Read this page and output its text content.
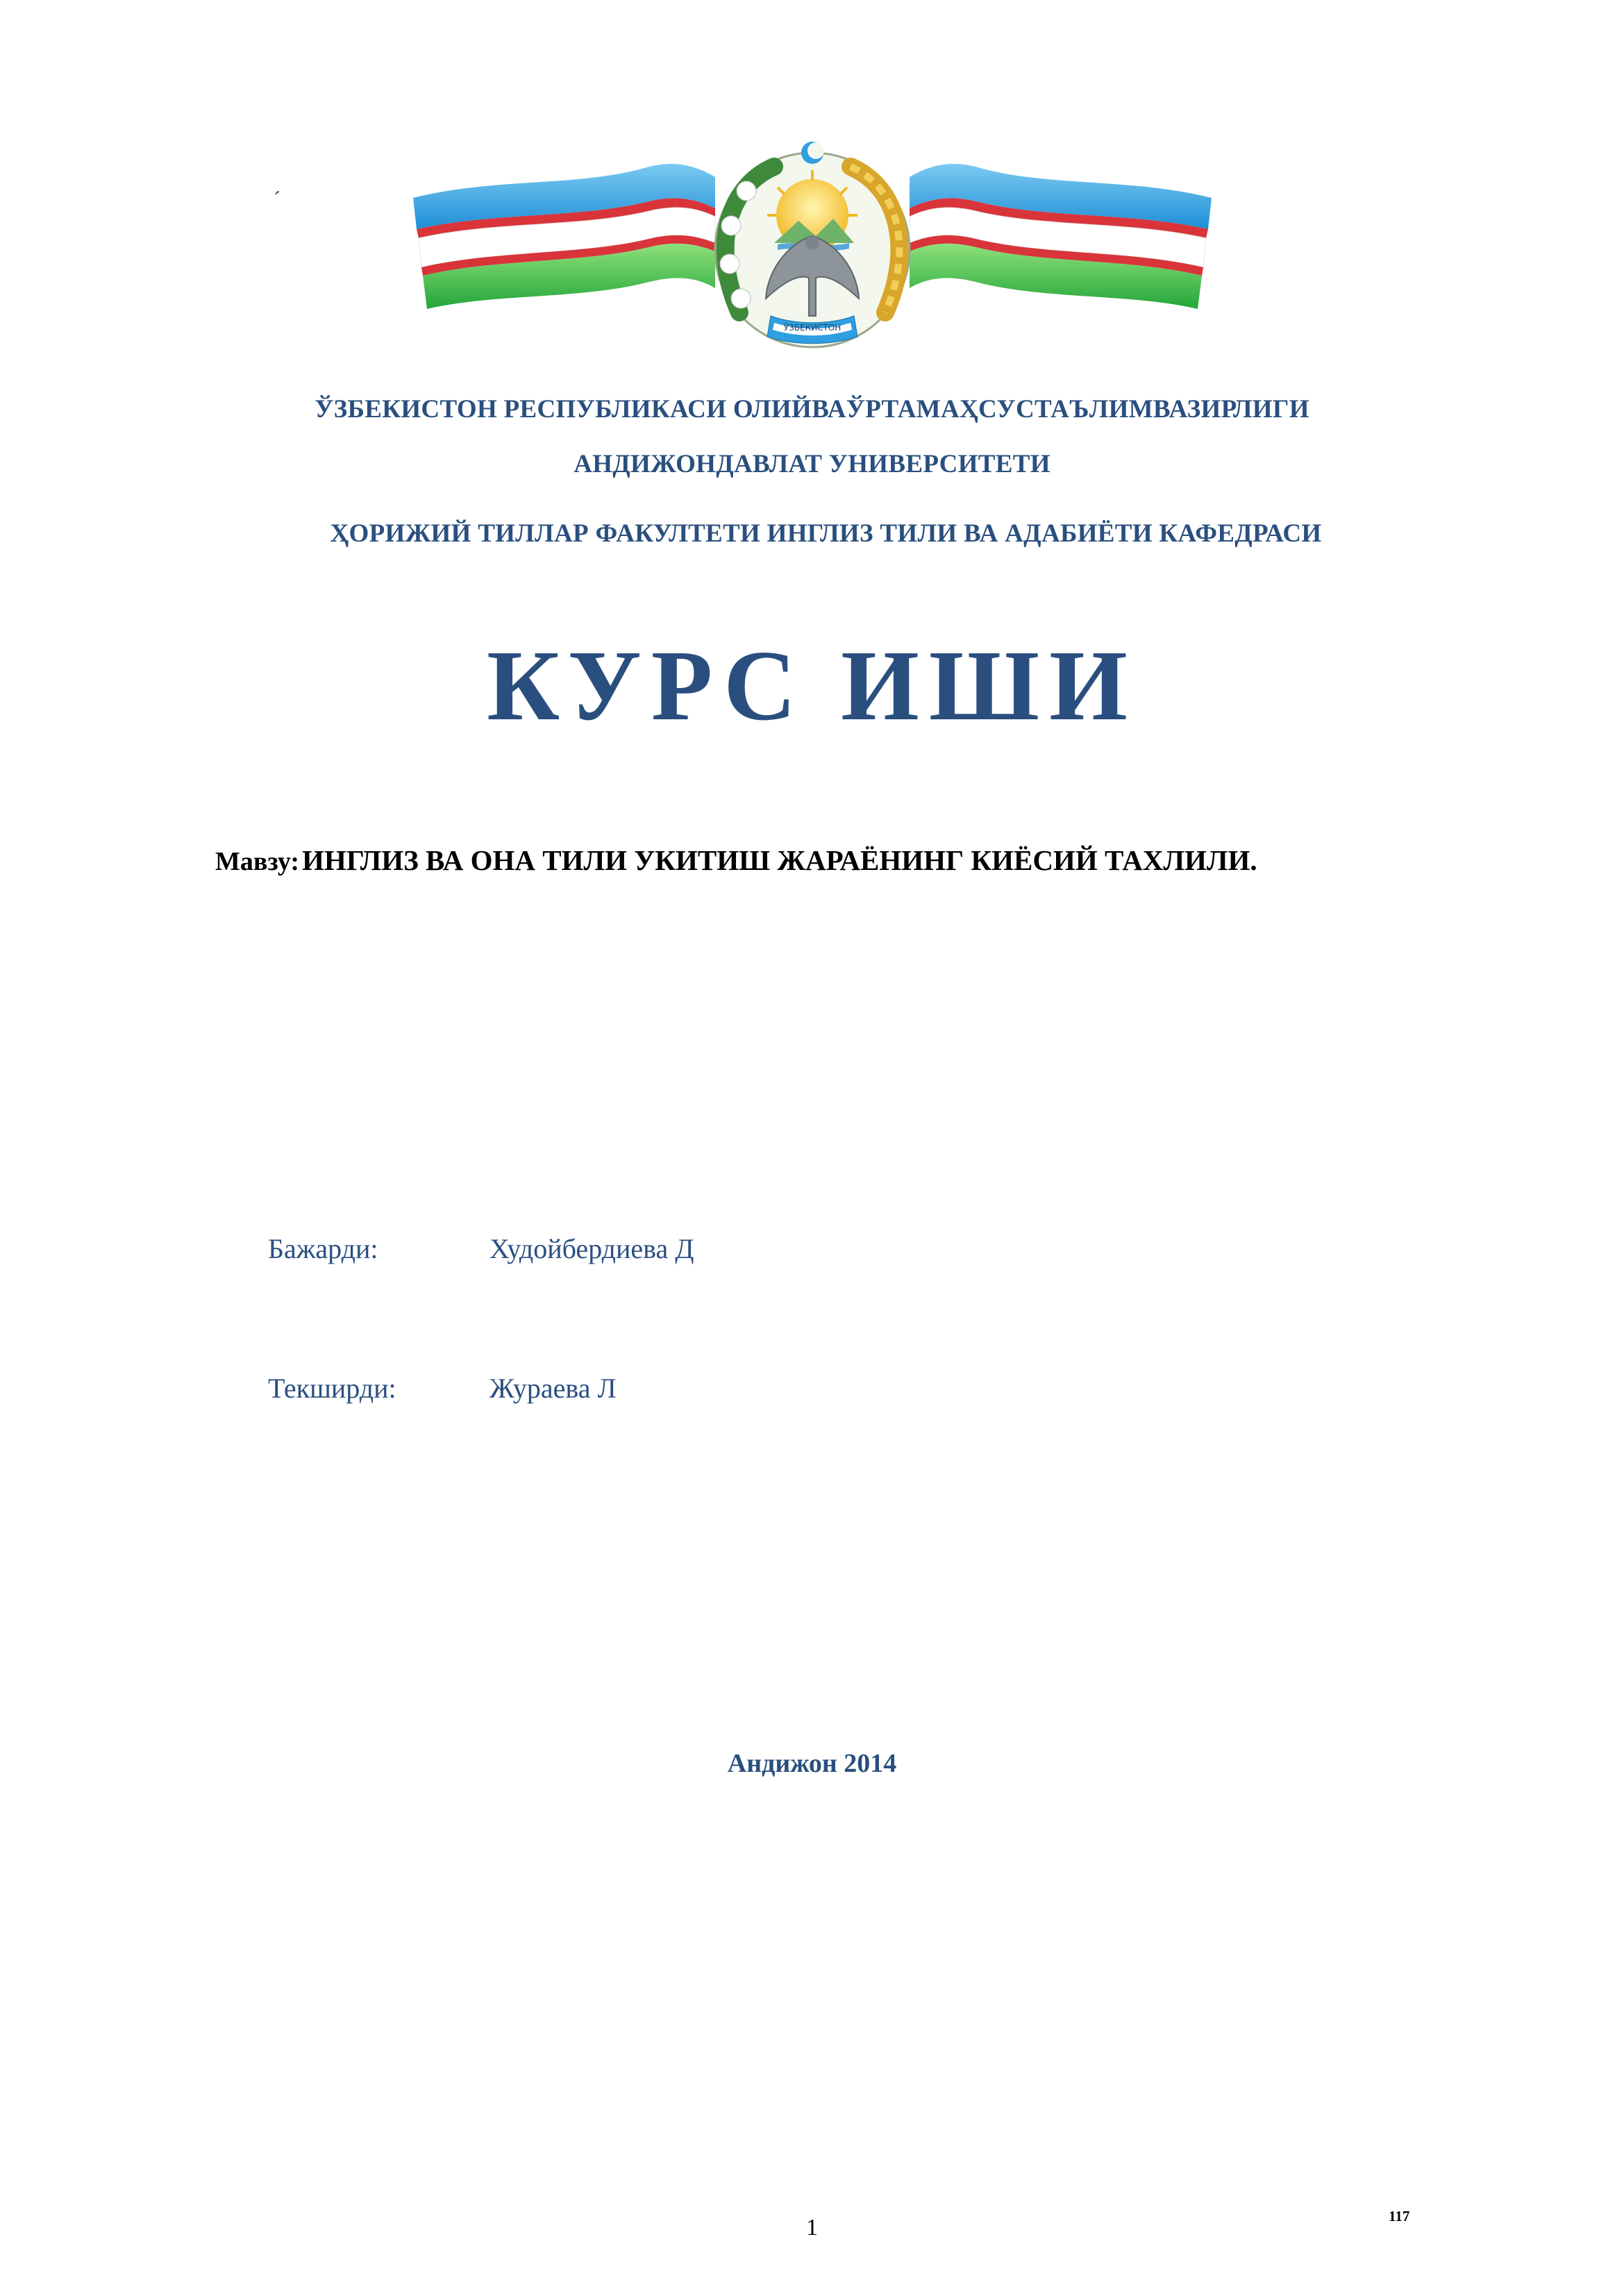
ЎЗБЕКИСТОН
ˊ
ЎЗБЕКИСТОН РЕСПУБЛИКАСИ ОЛИЙВАЎРТАМАҲСУСТАЪЛИМВАЗИРЛИГИ
АНДИЖОНДАВЛАТ УНИВЕРСИТЕТИ
ҲОРИЖИЙ ТИЛЛАР ФАКУЛТЕТИ ИНГЛИЗ ТИЛИ ВА АДАБИЁТИ КАФЕДРАСИ
КУРС ИШИ
Мавзу: ИНГЛИЗ ВА ОНА ТИЛИ УКИТИШ ЖАРАЁНИНГ КИЁСИЙ ТАХЛИЛИ.
Бажарди:	Худойбердиева Д
Текширди:	Жураева Л
Андижон 2014
1	117
